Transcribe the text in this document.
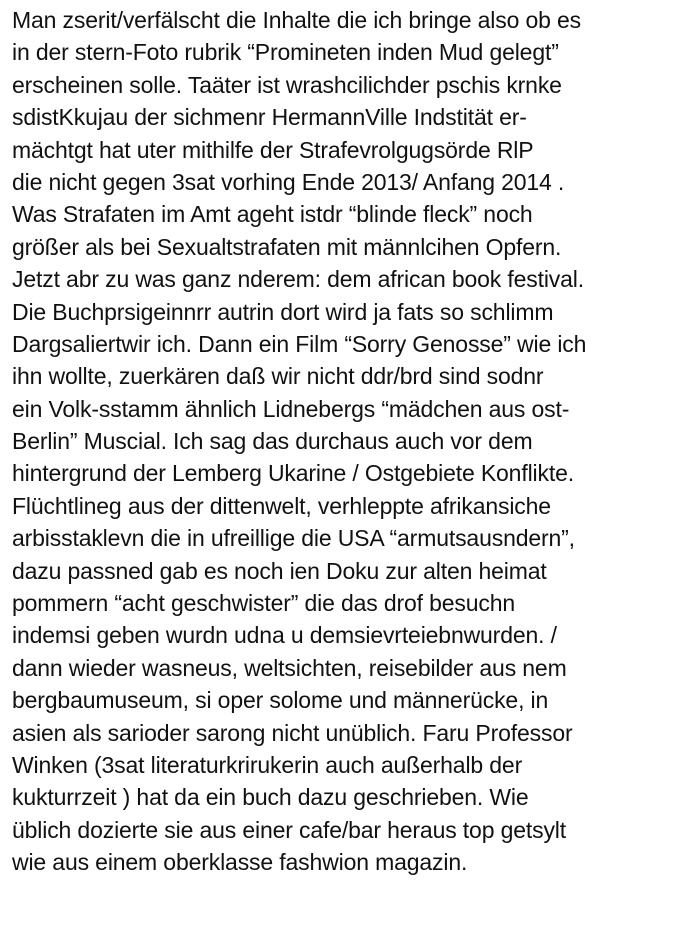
Man zserit/verfälscht die Inhalte die ich bringe also ob es
in der stern-Foto rubrik “Promineten inden Mud gelegt”
erscheinen solle. Taäter ist wrashcilichder pschis krnke
sdistKkujau der sichmenr HermannVille Indstität er-
mächtgt hat uter mithilfe der Strafevrolgugsörde RlP
die nicht gegen 3sat vorhing Ende 2013/ Anfang 2014 .
Was Strafaten im Amt ageht istdr “blinde fleck” noch
größer als bei Sexualtstrafaten mit männlcihen Opfern.
Jetzt abr zu was ganz nderem: dem african book festival.
Die Buchprsigeinnrr autrin dort wird ja fats so schlimm
Dargsaliertwir ich. Dann ein Film “Sorry Genosse” wie ich
ihn wollte, zuerkären daß wir nicht ddr/brd sind sodnr
ein Volk-sstamm ähnlich Lidnebergs “mädchen aus ost-
Berlin” Muscial. Ich sag das durchaus auch vor dem
hintergrund der Lemberg Ukarine / Ostgebiete Konflikte.
Flüchtlineg aus der dittenwelt, verhleppte afrikansiche
arbisstaklevn die in ufreillige die USA “armutsausndern”,
dazu passned gab es noch ien Doku zur alten heimat
pommern “acht geschwister” die das drof besuchn
indemsi geben wurdn udna u demsievrteiebnwurden. /
dann wieder wasneus, weltsichten, reisebilder aus nem
bergbaumuseum, si oper solome und männerücke, in
asien als sarioder sarong nicht unüblich. Faru Professor
Winken (3sat literaturkrirukerin auch außerhalb der
kukturrzeit ) hat da ein buch dazu geschrieben. Wie
üblich dozierte sie aus einer cafe/bar heraus top getsylt
wie aus einem oberklasse fashwion magazin.
